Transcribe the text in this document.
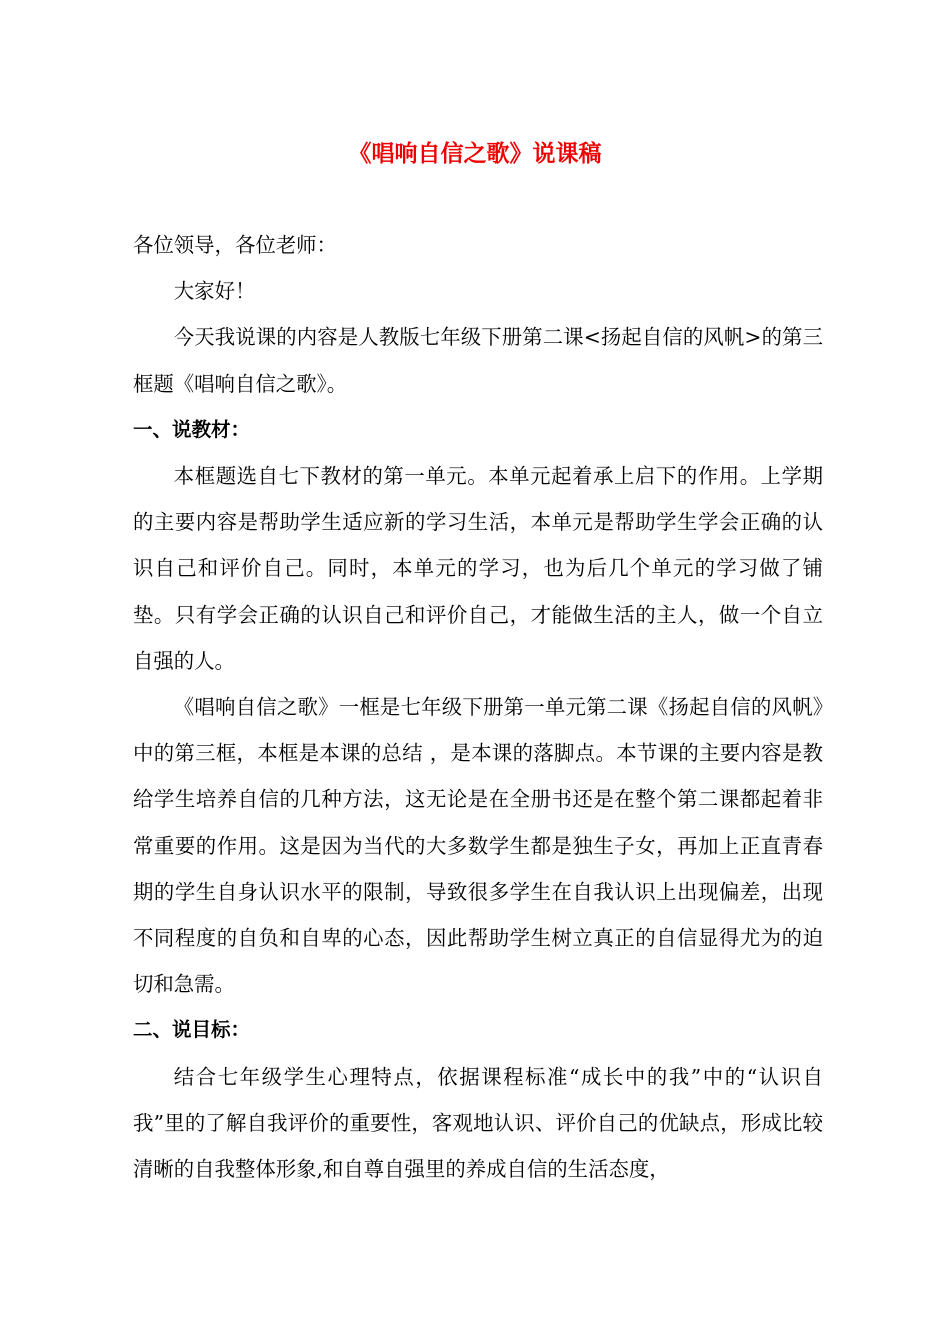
《唱响自信之歌》说课稿

各位领导，各位老师：

大家好！

今天我说课的内容是人教版七年级下册第二课<扬起自信的风帆>的第三框题《唱响自信之歌》。

一、说教材：

本框题选自七下教材的第一单元。本单元起着承上启下的作用。上学期的主要内容是帮助学生适应新的学习生活，本单元是帮助学生学会正确的认识自己和评价自己。同时，本单元的学习，也为后几个单元的学习做了铺垫。只有学会正确的认识自己和评价自己，才能做生活的主人，做一个自立自强的人。

《唱响自信之歌》一框是七年级下册第一单元第二课《扬起自信的风帆》中的第三框，本框是本课的总结 ，是本课的落脚点。本节课的主要内容是教给学生培养自信的几种方法，这无论是在全册书还是在整个第二课都起着非常重要的作用。这是因为当代的大多数学生都是独生子女，再加上正直青春期的学生自身认识水平的限制，导致很多学生在自我认识上出现偏差，出现不同程度的自负和自卑的心态，因此帮助学生树立真正的自信显得尤为的迫切和急需。

二、说目标：

结合七年级学生心理特点，依据课程标准“成长中的我”中的“认识自我”里的了解自我评价的重要性，客观地认识、评价自己的优缺点，形成比较清晰的自我整体形象,和自尊自强里的养成自信的生活态度，
